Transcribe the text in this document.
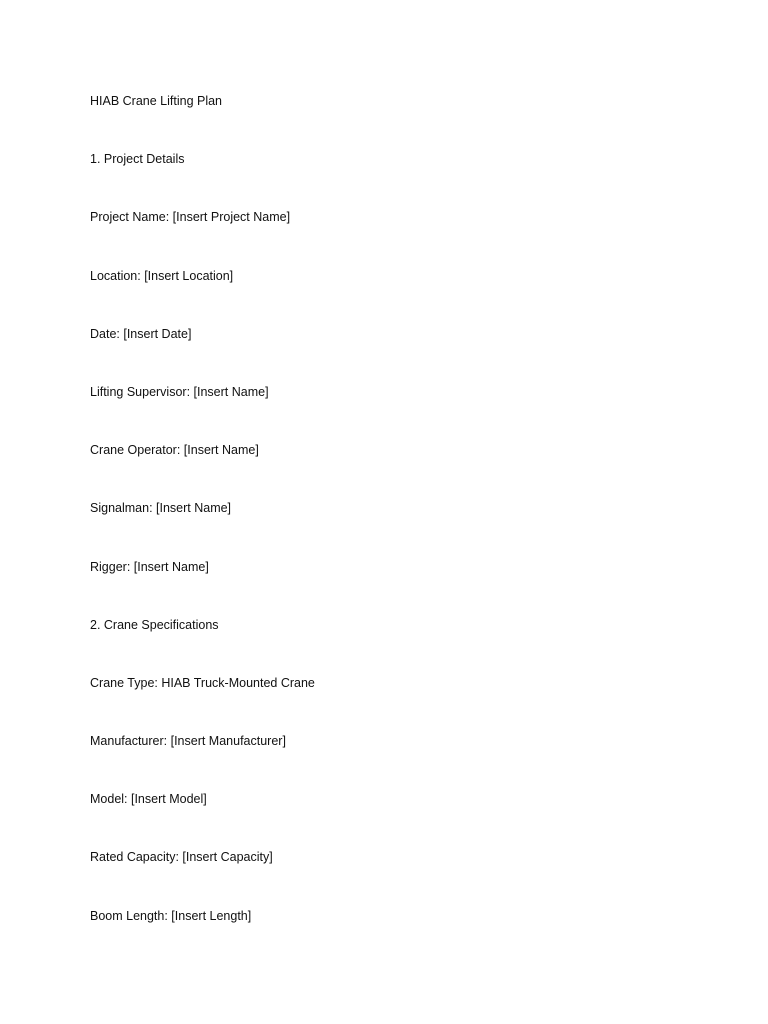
HIAB Crane Lifting Plan
1. Project Details
Project Name: [Insert Project Name]
Location: [Insert Location]
Date: [Insert Date]
Lifting Supervisor: [Insert Name]
Crane Operator: [Insert Name]
Signalman: [Insert Name]
Rigger: [Insert Name]
2. Crane Specifications
Crane Type: HIAB Truck-Mounted Crane
Manufacturer: [Insert Manufacturer]
Model: [Insert Model]
Rated Capacity: [Insert Capacity]
Boom Length: [Insert Length]
